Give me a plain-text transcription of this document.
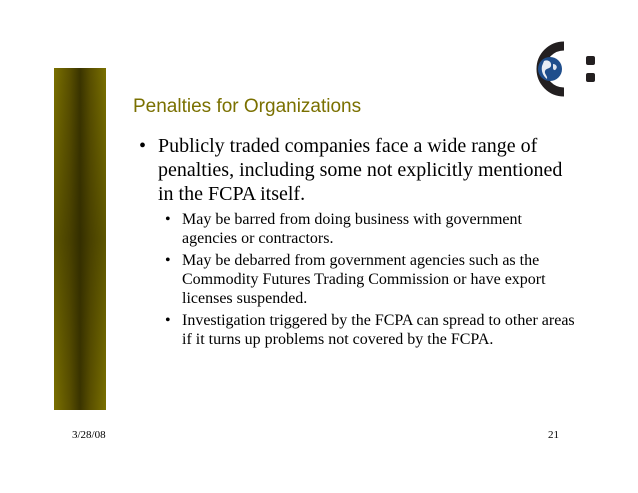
Penalties for Organizations
• Publicly traded companies face a wide range of penalties, including some not explicitly mentioned in the FCPA itself.
• May be barred from doing business with government agencies or contractors.
• May be debarred from government agencies such as the Commodity Futures Trading Commission or have export licenses suspended.
• Investigation triggered by the FCPA can spread to other areas if it turns up problems not covered by the FCPA.
3/28/08	21
